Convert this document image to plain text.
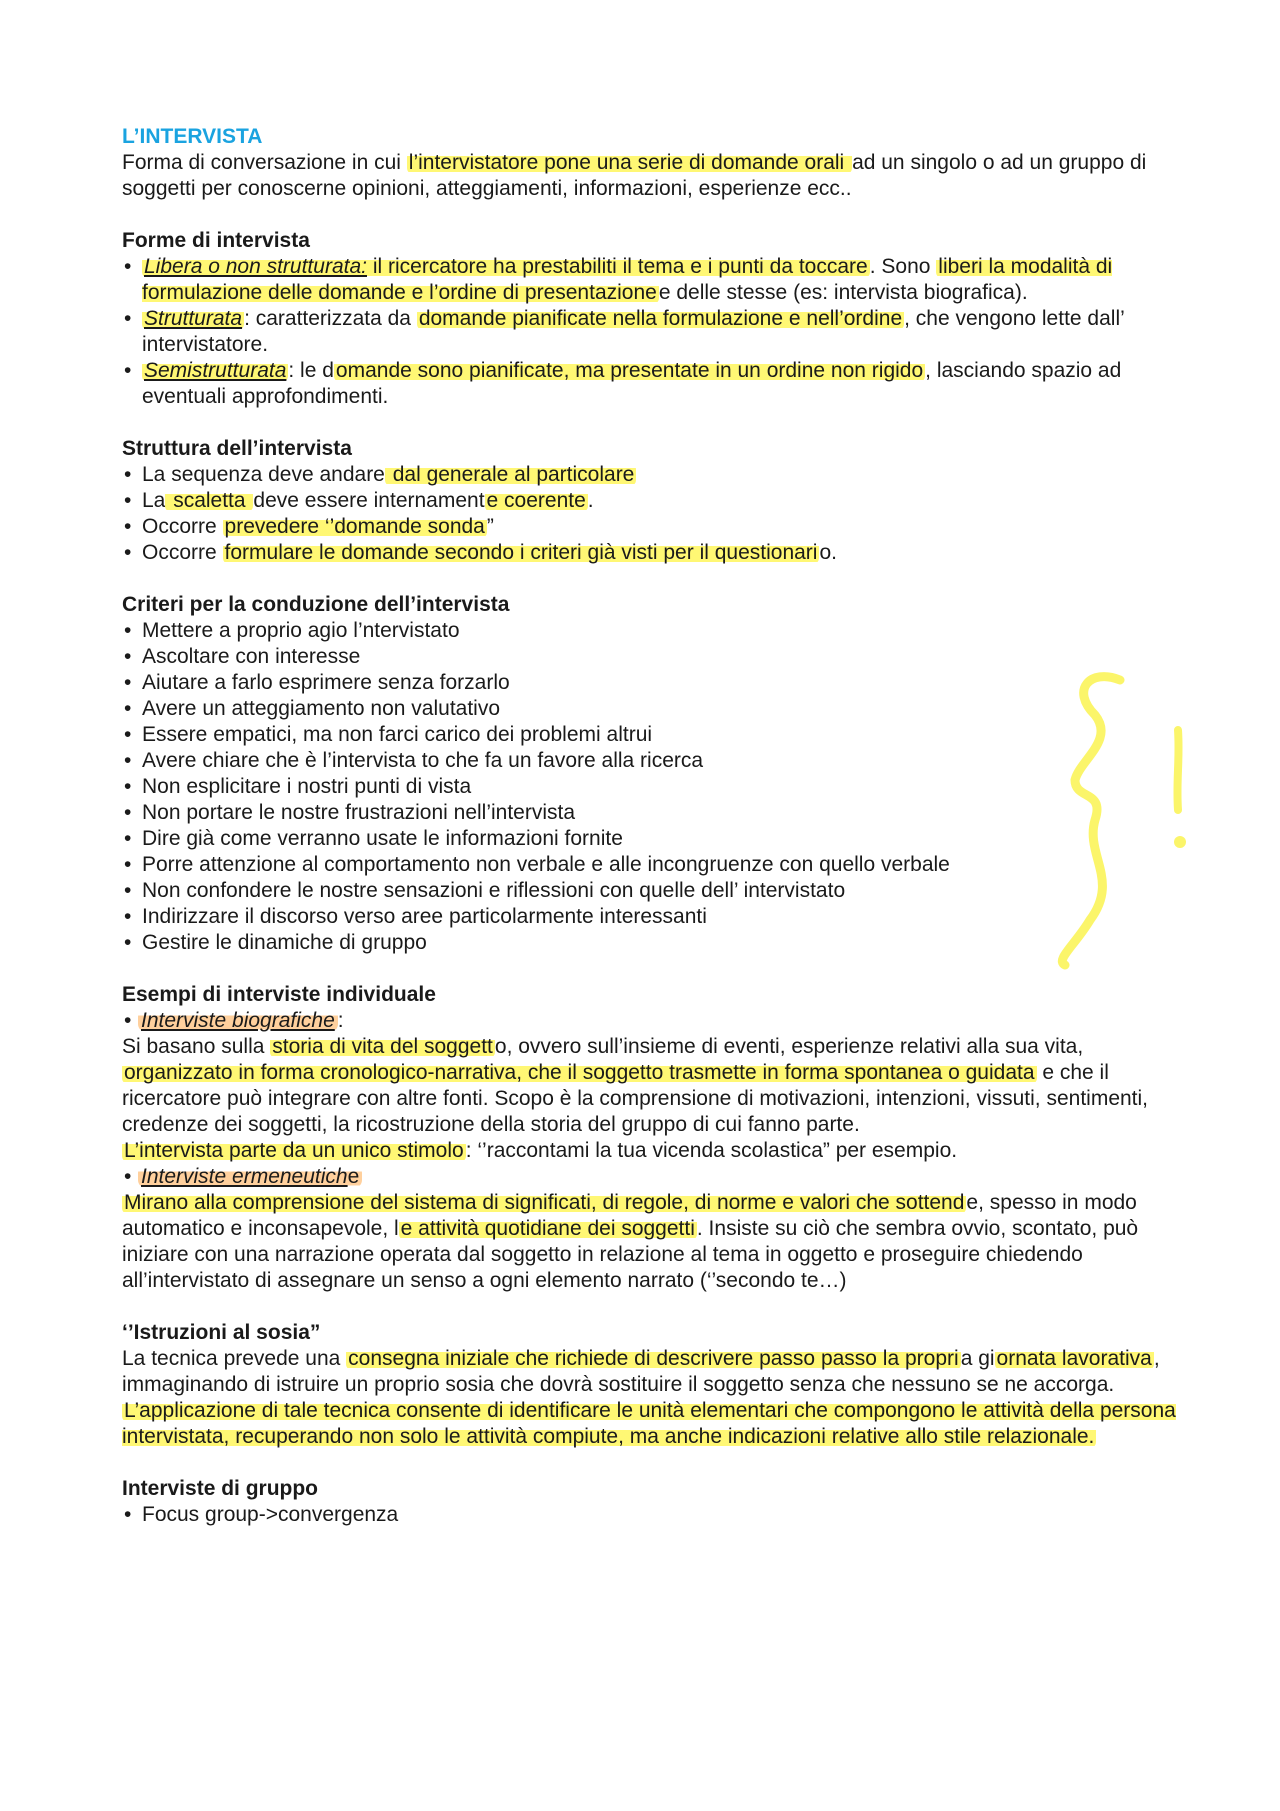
L’INTERVISTA

Forma di conversazione in cui l’intervistatore pone una serie di domande orali ad un singolo o ad un gruppo di soggetti per conoscerne opinioni, atteggiamenti, informazioni, esperienze ecc..

Forme di intervista

• Libera o non strutturata: il ricercatore ha prestabiliti il tema e i punti da toccare. Sono liberi la modalità di formulazione delle domande e l’ordine di presentazionee delle stesse (es: intervista biografica).
• Strutturata: caratterizzata da domande pianificate nella formulazione e nell’ordine, che vengono lette dall’ intervistatore.
• Semistrutturata: le domande sono pianificate, ma presentate in un ordine non rigido, lasciando spazio ad eventuali approfondimenti.

Struttura dell’intervista

• La sequenza deve andare dal generale al particolare
• La scaletta deve essere internamente coerente.
• Occorre prevedere ‘’domande sonda”
• Occorre formulare le domande secondo i criteri già visti per il questionario.

Criteri per la conduzione dell’intervista

• Mettere a proprio agio l’ntervistato
• Ascoltare con interesse
• Aiutare a farlo esprimere senza forzarlo
• Avere un atteggiamento non valutativo
• Essere empatici, ma non farci carico dei problemi altrui
• Avere chiare che è l’intervista to che fa un favore alla ricerca
• Non esplicitare i nostri punti di vista
• Non portare le nostre frustrazioni nell’intervista
• Dire già come verranno usate le informazioni fornite
• Porre attenzione al comportamento non verbale e alle incongruenze con quello verbale
• Non confondere le nostre sensazioni e riflessioni con quelle dell’ intervistato
• Indirizzare il discorso verso aree particolarmente interessanti
• Gestire le dinamiche di gruppo

Esempi di interviste individuale

• Interviste biografiche :

Si basano sulla storia di vita del soggetto, ovvero sull’insieme di eventi, esperienze relativi alla sua vita, organizzato in forma cronologico-narrativa, che il soggetto trasmette in forma spontanea o guidata e che il ricercatore può integrare con altre fonti. Scopo è la comprensione di motivazioni, intenzioni, vissuti, sentimenti, credenze dei soggetti, la ricostruzione della storia del gruppo di cui fanno parte.

L’intervista parte da un unico stimolo: ‘’raccontami la tua vicenda scolastica” per esempio.

• Interviste ermeneutiche

Mirano alla comprensione del sistema di significati, di regole, di norme e valori che sottende, spesso in modo automatico e inconsapevole, le attività quotidiane dei soggetti. Insiste su ciò che sembra ovvio, scontato, può iniziare con una narrazione operata dal soggetto in relazione al tema in oggetto e proseguire chiedendo all’intervistato di assegnare un senso a ogni elemento narrato (‘’secondo te…)

‘’Istruzioni al sosia”

La tecnica prevede una consegna iniziale che richiede di descrivere passo passo la propria giornata lavorativa, immaginando di istruire un proprio sosia che dovrà sostituire il soggetto senza che nessuno se ne accorga.

L’applicazione di tale tecnica consente di identificare le unità elementari che compongono le attività della persona intervistata, recuperando non solo le attività compiute, ma anche indicazioni relative allo stile relazionale.

Interviste di gruppo

• Focus group->convergenza
